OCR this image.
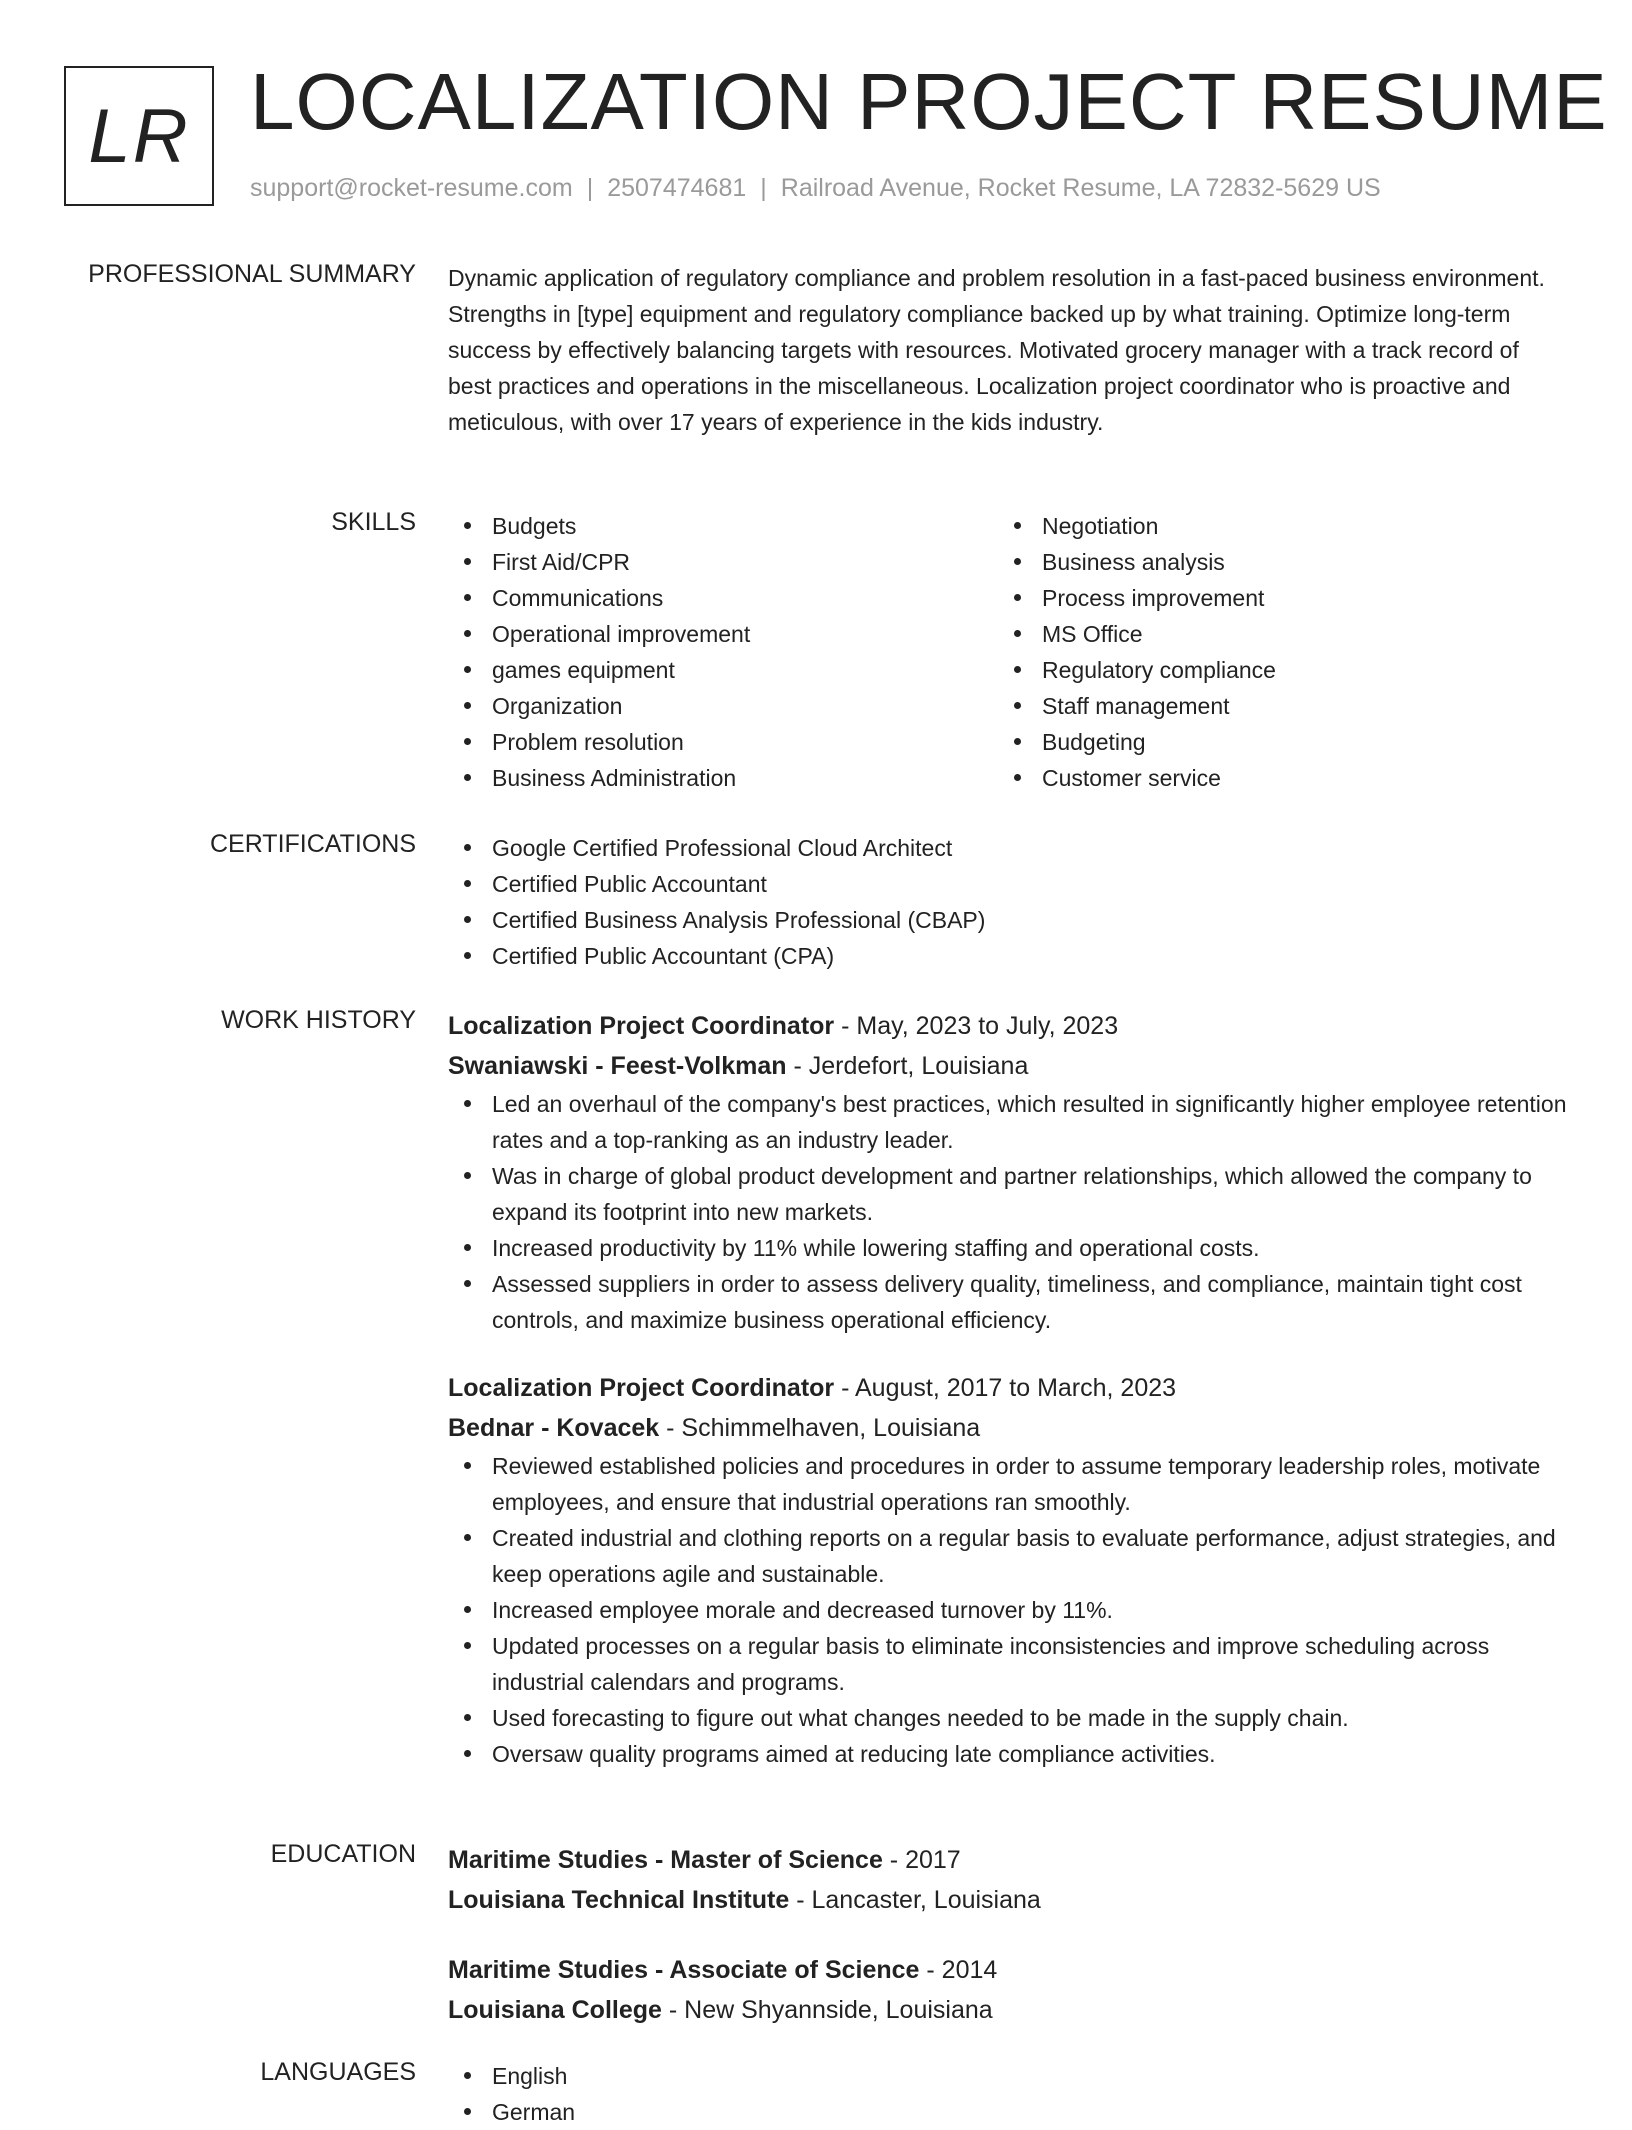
LR LOCALIZATION PROJECT RESUME
support@rocket-resume.com | 2507474681 | Railroad Avenue, Rocket Resume, LA 72832-5629 US
PROFESSIONAL SUMMARY Dynamic application of regulatory compliance and problem resolution in a fast-paced business environment. Strengths in [type] equipment and regulatory compliance backed up by what training. Optimize long-term success by effectively balancing targets with resources. Motivated grocery manager with a track record of best practices and operations in the miscellaneous. Localization project coordinator who is proactive and meticulous, with over 17 years of experience in the kids industry.

SKILLS	Budgets
First Aid/CPR
Communications
Operational improvement
games equipment
Organization
Problem resolution
Business Administration
Negotiation
Business analysis
Process improvement
MS Office
Regulatory compliance
Staff management
Budgeting
Customer service
CERTIFICATIONS	Google Certified Professional Cloud Architect
Certified Public Accountant
Certified Business Analysis Professional (CBAP)
Certified Public Accountant (CPA)
WORK HISTORY Localization Project Coordinator - May, 2023 to July, 2023
Swaniawski - Feest-Volkman - Jerdefort, Louisiana
Led an overhaul of the company's best practices, which resulted in significantly higher employee retention rates and a top-ranking as an industry leader.
Was in charge of global product development and partner relationships, which allowed the company to expand its footprint into new markets.
Increased productivity by 11% while lowering staffing and operational costs.
Assessed suppliers in order to assess delivery quality, timeliness, and compliance, maintain tight cost controls, and maximize business operational efficiency.
Localization Project Coordinator - August, 2017 to March, 2023
Bednar - Kovacek - Schimmelhaven, Louisiana
Reviewed established policies and procedures in order to assume temporary leadership roles, motivate employees, and ensure that industrial operations ran smoothly.
Created industrial and clothing reports on a regular basis to evaluate performance, adjust strategies, and keep operations agile and sustainable.
Increased employee morale and decreased turnover by 11%.
Updated processes on a regular basis to eliminate inconsistencies and improve scheduling across industrial calendars and programs.
Used forecasting to figure out what changes needed to be made in the supply chain.
Oversaw quality programs aimed at reducing late compliance activities.
EDUCATION Maritime Studies - Master of Science - 2017
Louisiana Technical Institute - Lancaster, Louisiana
Maritime Studies - Associate of Science - 2014
Louisiana College - New Shyannside, Louisiana
LANGUAGES	English
German
